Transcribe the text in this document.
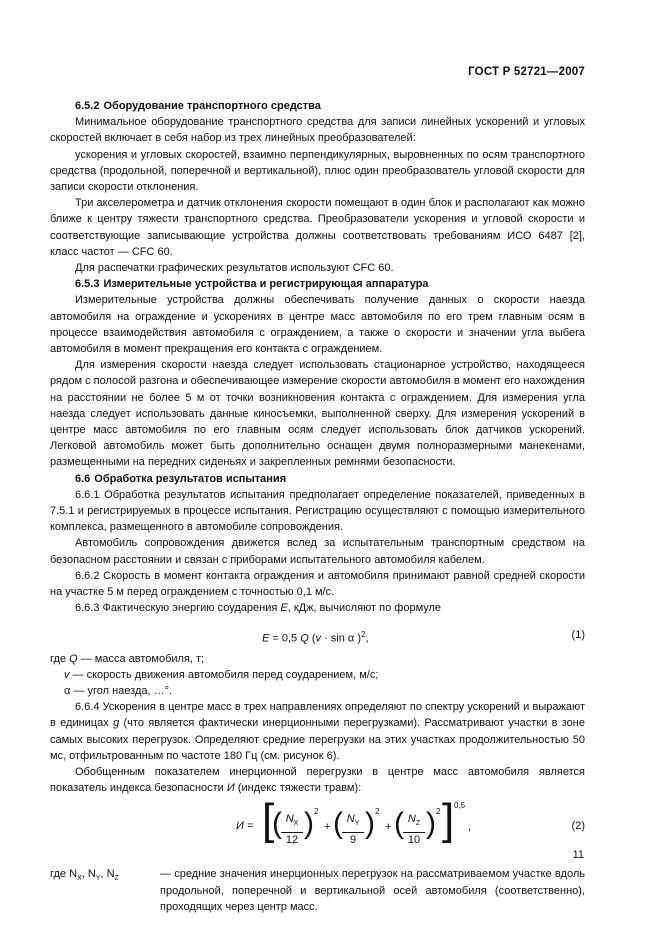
ГОСТ Р 52721—2007

6.5.2 Оборудование транспортного средства

Минимальное оборудование транспортного средства для записи линейных ускорений и угловых скоростей включает в себя набор из трех линейных преобразователей:

ускорения и угловых скоростей, взаимно перпендикулярных, выровненных по осям транспортного средства (продольной, поперечной и вертикальной), плюс один преобразователь угловой скорости для записи скорости отклонения.

Три акселерометра и датчик отклонения скорости помещают в один блок и располагают как можно ближе к центру тяжести транспортного средства. Преобразователи ускорения и угловой скорости и соответствующие записывающие устройства должны соответствовать требованиям ИСО 6487 [2], класс частот — CFC 60.

Для распечатки графических результатов используют CFC 60.

6.5.3 Измерительные устройства и регистрирующая аппаратура

Измерительные устройства должны обеспечивать получение данных о скорости наезда автомобиля на ограждение и ускорениях в центре масс автомобиля по его трем главным осям в процессе взаимодействия автомобиля с ограждением, а также о скорости и значении угла выбега автомобиля в момент прекращения его контакта с ограждением.

Для измерения скорости наезда следует использовать стационарное устройство, находящееся рядом с полосой разгона и обеспечивающее измерение скорости автомобиля в момент его нахождения на расстоянии не более 5 м от точки возникновения контакта с ограждением. Для измерения угла наезда следует использовать данные киносъемки, выполненной сверху. Для измерения ускорений в центре масс автомобиля по его главным осям следует использовать блок датчиков ускорений. Легковой автомобиль может быть дополнительно оснащен двумя полноразмерными манекенами, размещенными на передних сиденьях и закрепленных ремнями безопасности.

6.6 Обработка результатов испытания

6.6.1 Обработка результатов испытания предполагает определение показателей, приведенных в 7.5.1 и регистрируемых в процессе испытания. Регистрацию осуществляют с помощью измерительного комплекса, размещенного в автомобиле сопровождения.

Автомобиль сопровождения движется вслед за испытательным транспортным средством на безопасном расстоянии и связан с приборами испытательного автомобиля кабелем.

6.6.2 Скорость в момент контакта ограждения и автомобиля принимают равной средней скорости на участке 5 м перед ограждением с точностью 0,1 м/с.

6.6.3 Фактическую энергию соударения E, кДж, вычисляют по формуле

E = 0,5 Q (v · sin α )$^2$,	(1)
где Q — масса автомобиля, т;
v — скорость движения автомобиля перед соударением, м/с;
α — угол наезда, …°.

6.6.4 Ускорения в центре масс в трех направлениях определяют по спектру ускорений и выражают в единицах g (что является фактически инерционными перегрузками). Рассматривают участки в зоне самых высоких перегрузок. Определяют средние перегрузки на этих участках продолжительностью 50 мс, отфильтрованным по частоте 180 Гц (см. рисунок 6).

Обобщенным показателем инерционной перегрузки в центре масс автомобиля является показатель индекса безопасности И (индекс тяжести травм):

И = [
( $\frac{N_X}{12}$ ) 2
+ ( $\frac{N_Y}{9}$ ) 2
+ ( $\frac{N_Z}{10}$ ) 2 ] 0,5
,	(2)
где $N_X$, $N_Y$, $N_Z$	— средние значения инерционных перегрузок на рассматриваемом участке вдоль продольной, поперечной и вертикальной осей автомобиля (соответственно), проходящих через центр масс.
11
